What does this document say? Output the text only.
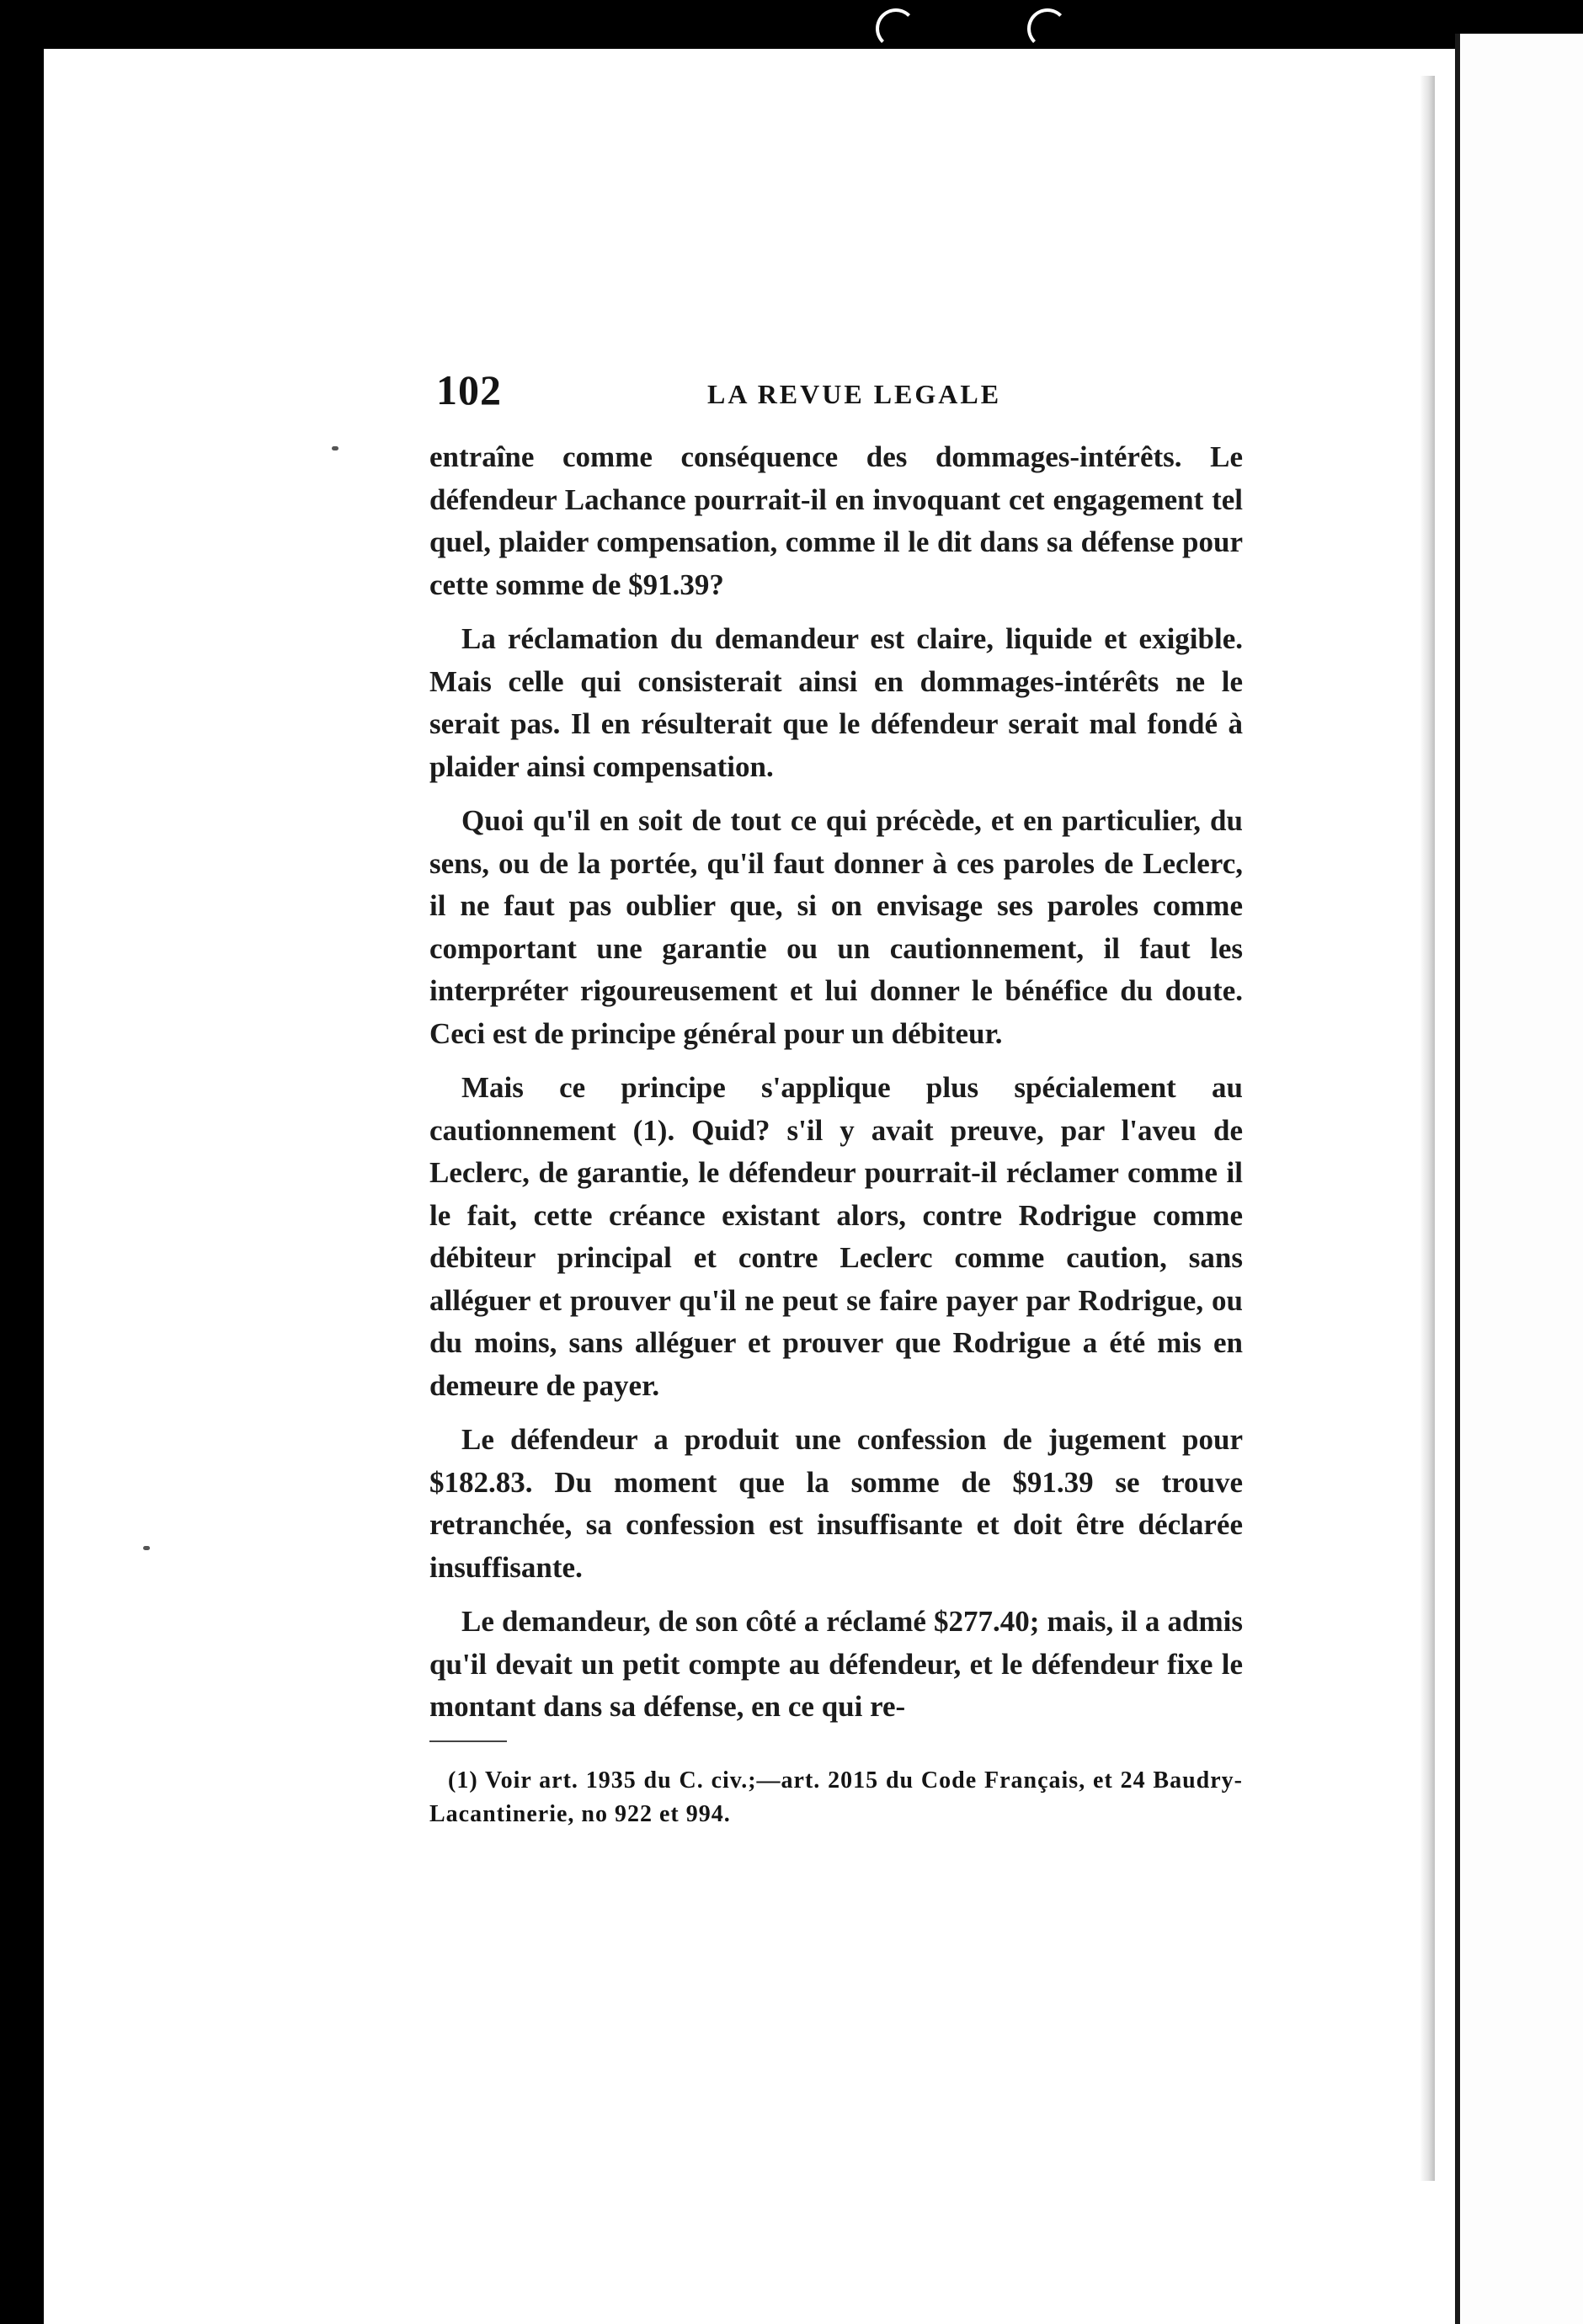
102	LA REVUE LEGALE

entraîne comme conséquence des dommages-intérêts. Le défendeur Lachance pourrait-il en invoquant cet engagement tel quel, plaider compensation, comme il le dit dans sa défense pour cette somme de $91.39?

La réclamation du demandeur est claire, liquide et exigible. Mais celle qui consisterait ainsi en dommages-intérêts ne le serait pas. Il en résulterait que le défendeur serait mal fondé à plaider ainsi compensation.

Quoi qu'il en soit de tout ce qui précède, et en particulier, du sens, ou de la portée, qu'il faut donner à ces paroles de Leclerc, il ne faut pas oublier que, si on envisage ses paroles comme comportant une garantie ou un cautionnement, il faut les interpréter rigoureusement et lui donner le bénéfice du doute. Ceci est de principe général pour un débiteur.

Mais ce principe s'applique plus spécialement au cautionnement (1). Quid? s'il y avait preuve, par l'aveu de Leclerc, de garantie, le défendeur pourrait-il réclamer comme il le fait, cette créance existant alors, contre Rodrigue comme débiteur principal et contre Leclerc comme caution, sans alléguer et prouver qu'il ne peut se faire payer par Rodrigue, ou du moins, sans alléguer et prouver que Rodrigue a été mis en demeure de payer.

Le défendeur a produit une confession de jugement pour $182.83. Du moment que la somme de $91.39 se trouve retranchée, sa confession est insuffisante et doit être déclarée insuffisante.

Le demandeur, de son côté a réclamé $277.40; mais, il a admis qu'il devait un petit compte au défendeur, et le défendeur fixe le montant dans sa défense, en ce qui re-

(1) Voir art. 1935 du C. civ.;—art. 2015 du Code Français, et 24 Baudry-Lacantinerie, no 922 et 994.
